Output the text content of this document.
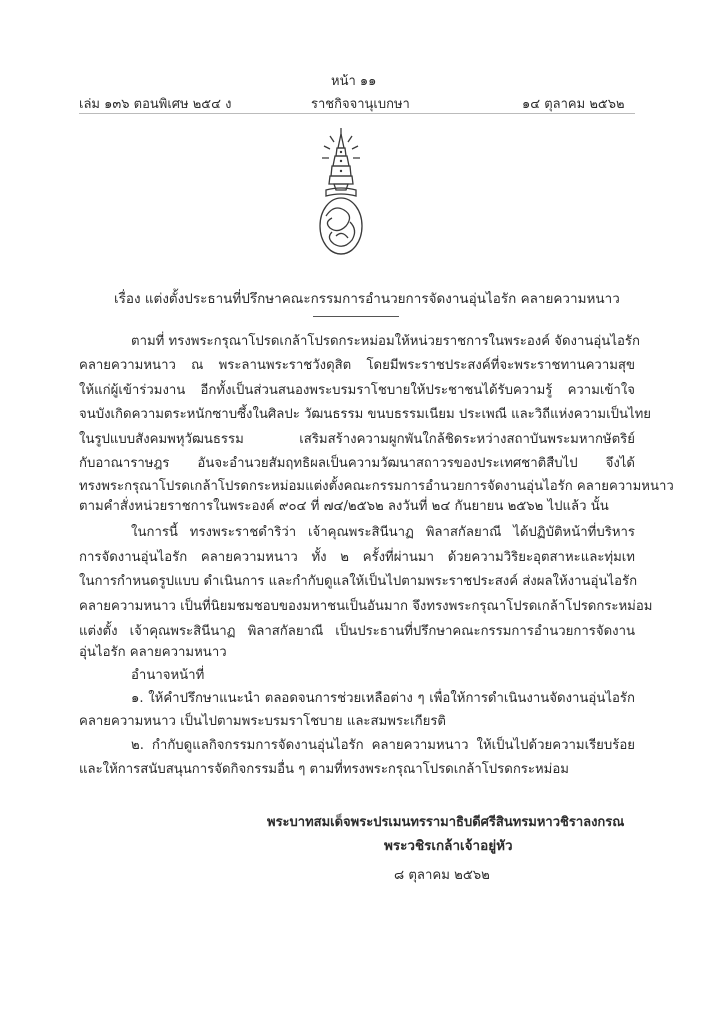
หน้า ๑๑
เล่ม ๑๓๖ ตอนพิเศษ ๒๕๔ ง	ราชกิจจานุเบกษา	๑๔ ตุลาคม ๒๕๖๒
เรื่อง แต่งตั้งประธานที่ปรึกษาคณะกรรมการอำนวยการจัดงานอุ่นไอรัก คลายความหนาว
ตามที่ ทรงพระกรุณาโปรดเกล้าโปรดกระหม่อมให้หน่วยราชการในพระองค์ จัดงานอุ่นไอรัก
คลายความหนาว ณ พระลานพระราชวังดุสิต โดยมีพระราชประสงค์ที่จะพระราชทานความสุข
ให้แก่ผู้เข้าร่วมงาน อีกทั้งเป็นส่วนสนองพระบรมราโชบายให้ประชาชนได้รับความรู้ ความเข้าใจ
จนบังเกิดความตระหนักซาบซึ้งในศิลปะ วัฒนธรรม ขนบธรรมเนียม ประเพณี และวิถีแห่งความเป็นไทย
ในรูปแบบสังคมพหุวัฒนธรรม เสริมสร้างความผูกพันใกล้ชิดระหว่างสถาบันพระมหากษัตริย์
กับอาณาราษฎร อันจะอำนวยสัมฤทธิผลเป็นความวัฒนาสถาวรของประเทศชาติสืบไป จึงได้
ทรงพระกรุณาโปรดเกล้าโปรดกระหม่อมแต่งตั้งคณะกรรมการอำนวยการจัดงานอุ่นไอรัก คลายความหนาว
ตามคำสั่งหน่วยราชการในพระองค์ ๙๐๔ ที่ ๗๔/๒๕๖๒ ลงวันที่ ๒๔ กันยายน ๒๕๖๒ ไปแล้ว นั้น
ในการนี้ ทรงพระราชดำริว่า เจ้าคุณพระสินีนาฏ พิลาสกัลยาณี ได้ปฏิบัติหน้าที่บริหาร
การจัดงานอุ่นไอรัก คลายความหนาว ทั้ง ๒ ครั้งที่ผ่านมา ด้วยความวิริยะอุตสาหะและทุ่มเท
ในการกำหนดรูปแบบ ดำเนินการ และกำกับดูแลให้เป็นไปตามพระราชประสงค์ ส่งผลให้งานอุ่นไอรัก
คลายความหนาว เป็นที่นิยมชมชอบของมหาชนเป็นอันมาก จึงทรงพระกรุณาโปรดเกล้าโปรดกระหม่อม
แต่งตั้ง เจ้าคุณพระสินีนาฏ พิลาสกัลยาณี เป็นประธานที่ปรึกษาคณะกรรมการอำนวยการจัดงาน
อุ่นไอรัก คลายความหนาว
อำนาจหน้าที่
๑. ให้คำปรึกษาแนะนำ ตลอดจนการช่วยเหลือต่าง ๆ เพื่อให้การดำเนินงานจัดงานอุ่นไอรัก
คลายความหนาว เป็นไปตามพระบรมราโชบาย และสมพระเกียรติ
๒. กำกับดูแลกิจกรรมการจัดงานอุ่นไอรัก คลายความหนาว ให้เป็นไปด้วยความเรียบร้อย
และให้การสนับสนุนการจัดกิจกรรมอื่น ๆ ตามที่ทรงพระกรุณาโปรดเกล้าโปรดกระหม่อม
พระบาทสมเด็จพระปรเมนทรรามาธิบดีศรีสินทรมหาวชิราลงกรณ
พระวชิรเกล้าเจ้าอยู่หัว
๘ ตุลาคม ๒๕๖๒
